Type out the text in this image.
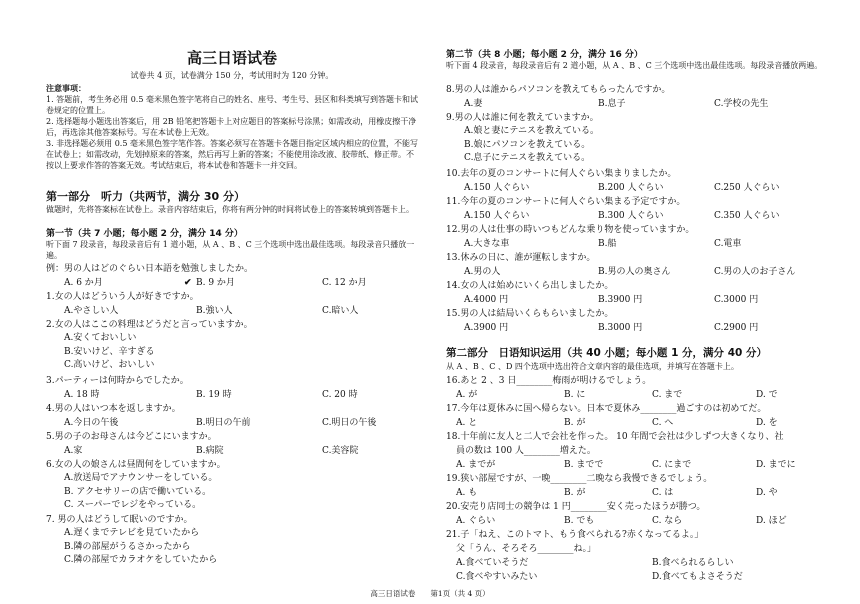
高三日语试卷
试卷共 4 页，试卷满分 150 分，考试用时为 120 分钟。
注意事项：
1. 答题前，考生务必用 0.5 毫米黑色签字笔将自己的姓名、座号、考生号、县区和科类填写到答题卡和试卷规定的位置上。
2. 选择题每小题选出答案后，用 2B 铅笔把答题卡上对应题目的答案标号涂黑；如需改动，用橡皮擦干净后，再选涂其他答案标号。写在本试卷上无效。
3. 非选择题必须用 0.5 毫米黑色签字笔作答。答案必须写在答题卡各题目指定区域内相应的位置，不能写在试卷上；如需改动，先划掉原来的答案，然后再写上新的答案；不能使用涂改液、胶带纸、修正带。不按以上要求作答的答案无效。考试结束后，将本试卷和答题卡一并交回。
第一部分　听力（共两节，满分 30 分）
做题时，先将答案标在试卷上。录音内容结束后，你将有两分钟的时间将试卷上的答案转填到答题卡上。
第一节（共 7 小题；每小题 2 分，满分 14 分）
听下面 7 段录音，每段录音后有 1 道小题，从 A 、B 、C 三个选项中选出最佳选项。每段录音只播放一遍。
例：男の人はどのぐらい日本語を勉強しましたか。
A. 6 か月	✔ B. 9 か月	C. 12 か月
1.女の人はどういう人が好きですか。
A.やさしい人	B.強い人	C.暗い人
2.女の人はここの料理はどうだと言っていますか。
A.安くておいしい
B.安いけど、辛すぎる
C.高いけど、おいしい
3.パーティーは何時からでしたか。
A. 18 時	B. 19 時	C. 20 時
4.男の人はいつ本を返しますか。
A.今日の午後	B.明日の午前	C.明日の午後
5.男の子のお母さんは今どこにいますか。
A.家	B.病院	C.美容院
6.女の人の娘さんは昼間何をしていますか。
A.放送局でアナウンサーをしている。
B. アクセサリーの店で働いている。
C. スーパーでレジをやっている。
7. 男の人はどうして眠いのですか。
A.遅くまでテレビを見ていたから
B.隣の部屋がうるさかったから
C.隣の部屋でカラオケをしていたから
第二节（共 8 小题；每小题 2 分，满分 16 分）
听下面 4 段录音，每段录音后有 2 道小题，从 A 、B 、C 三个选项中选出最佳选项。每段录音播放两遍。
8.男の人は誰からパソコンを教えてもらったんですか。
A.妻	B.息子	C.学校の先生
9.男の人は誰に何を教えていますか。
A.娘と妻にテニスを教えている。
B.娘にパソコンを教えている。
C.息子にテニスを教えている。
10.去年の夏のコンサートに何人ぐらい集まりましたか。
A.150 人ぐらい	B.200 人ぐらい	C.250 人ぐらい
11.今年の夏のコンサートに何人ぐらい集まる予定ですか。
A.150 人ぐらい	B.300 人ぐらい	C.350 人ぐらい
12.男の人は仕事の時いつもどんな乗り物を使っていますか。
A.大きな車	B.船	C.電車
13.休みの日に、誰が運転しますか。
A.男の人	B.男の人の奥さん	C.男の人のお子さん
14.女の人は始めにいくら出しましたか。
A.4000 円	B.3900 円	C.3000 円
15.男の人は結局いくらもらいましたか。
A.3900 円	B.3000 円	C.2900 円
第二部分　日语知识运用（共 40 小题；每小题 1 分，满分 40 分）
从 A 、B 、C 、D 四个选项中选出符合文章内容的最佳选项，并填写在答题卡上。
16.あと 2 、3 日________梅雨が明けるでしょう。
A. が	B. に	C. まで	D. で
17.今年は夏休みに国へ帰らない。日本で夏休み________過ごすのは初めてだ。
A. と	B. が	C. へ	D. を
18.十年前に友人と二人で会社を作った。 10 年間で会社は少しずつ大きくなり、社
員の数は 100 人________増えた。
A. までが	B. までで	C. にまで	D. までに
19.狭い部屋ですが、一晩________二晩なら我慢できるでしょう。
A. も	B. が	C. は	D. や
20.安売り店同士の競争は 1 円________安く売ったほうが勝つ。
A. ぐらい	B. でも	C. なら	D. ほど
21.子「ねえ、このトマト、もう食べられる?赤くなってるよ。」
父「うん、そろそろ________ね。」
A.食べていそうだ	B.食べられるらしい
C.食べやすいみたい	D.食べてもよさそうだ
高三日语试卷　　第1页（共 4 页）
